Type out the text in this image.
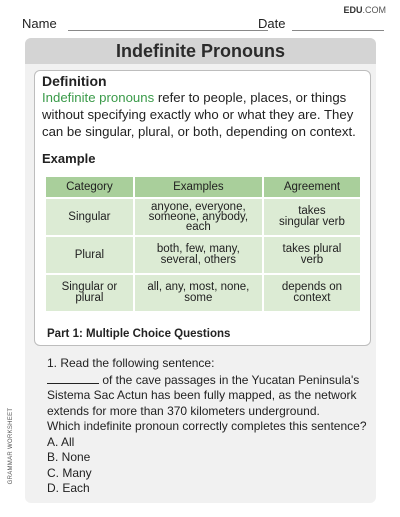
EDU.COM
Name	Date
Indefinite Pronouns
Definition
Indefinite pronouns refer to people, places, or things
without specifying exactly who or what they are. They
can be singular, plural, or both, depending on context.
Example
Category	Examples	Agreement
Singular	anyone, everyone,
someone, anybody,
each	takes
singular verb
Plural	both, few, many,
several, others	takes plural
verb
Singular or
plural	all, any, most, none,
some	depends on
context
Part 1: Multiple Choice Questions
1. Read the following sentence:
of the cave passages in the Yucatan Peninsula's
Sistema Sac Actun has been fully mapped, as the network
extends for more than 370 kilometers underground.
Which indefinite pronoun correctly completes this sentence?
A. All
B. None
C. Many
D. Each
GRAMMAR WORKSHEET
